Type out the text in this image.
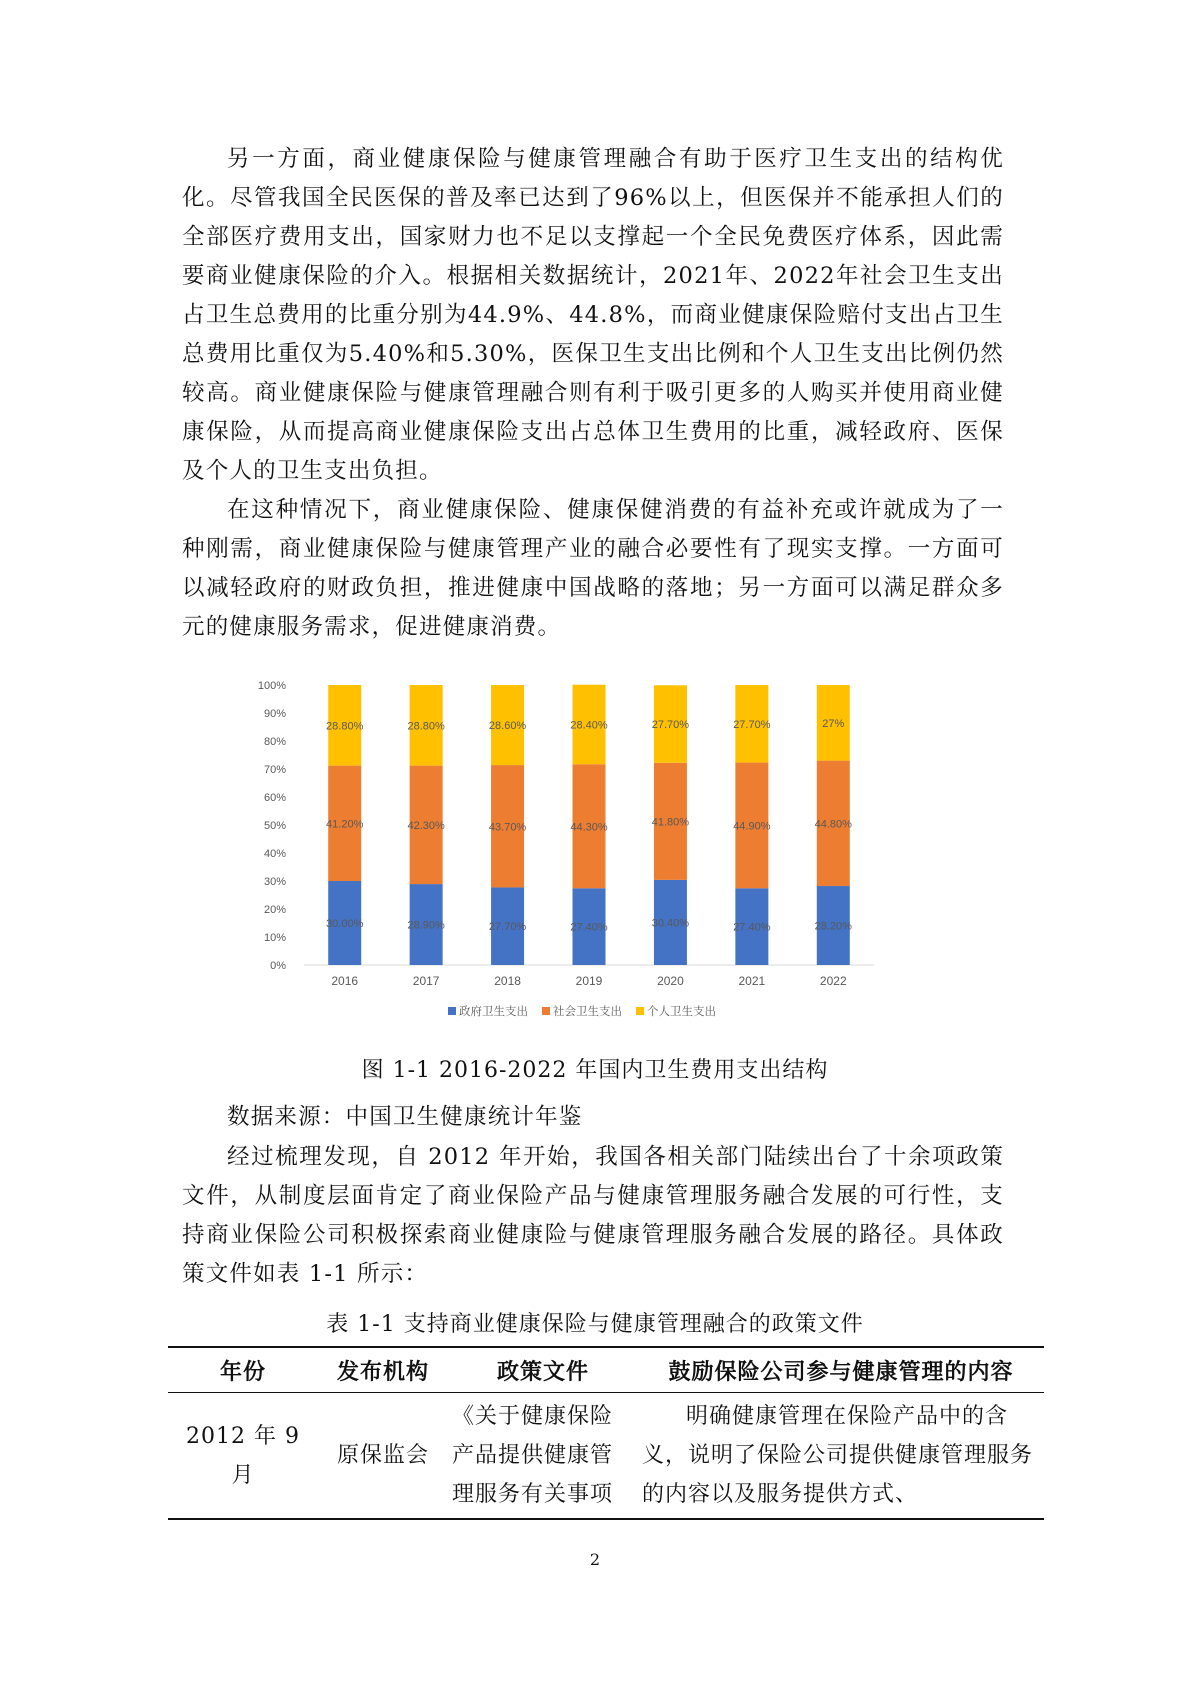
另一方面，商业健康保险与健康管理融合有助于医疗卫生支出的结构优化。尽管我国全民医保的普及率已达到了96%以上，但医保并不能承担人们的全部医疗费用支出，国家财力也不足以支撑起一个全民免费医疗体系，因此需要商业健康保险的介入。根据相关数据统计，2021年、2022年社会卫生支出占卫生总费用的比重分别为44.9%、44.8%，而商业健康保险赔付支出占卫生总费用比重仅为5.40%和5.30%，医保卫生支出比例和个人卫生支出比例仍然较高。商业健康保险与健康管理融合则有利于吸引更多的人购买并使用商业健康保险，从而提高商业健康保险支出占总体卫生费用的比重，减轻政府、医保及个人的卫生支出负担。

在这种情况下，商业健康保险、健康保健消费的有益补充或许就成为了一种刚需，商业健康保险与健康管理产业的融合必要性有了现实支撑。一方面可以减轻政府的财政负担，推进健康中国战略的落地；另一方面可以满足群众多元的健康服务需求，促进健康消费。

0%
10%
20%
30%
40%
50%
60%
70%
80%
90%
100%
30.00%
41.20%
28.80%
2016
28.90%
42.30%
28.80%
2017
27.70%
43.70%
28.60%
2018
27.40%
44.30%
28.40%
2019
30.40%
41.80%
27.70%
2020
27.40%
44.90%
27.70%
2021
28.20%
44.80%
27%
2022
政府卫生支出 社会卫生支出 个人卫生支出
图 1-1 2016-2022 年国内卫生费用支出结构
数据来源：中国卫生健康统计年鉴

经过梳理发现，自 2012 年开始，我国各相关部门陆续出台了十余项政策文件，从制度层面肯定了商业保险产品与健康管理服务融合发展的可行性，支持商业保险公司积极探索商业健康险与健康管理服务融合发展的路径。具体政策文件如表 1-1 所示：

表 1-1 支持商业健康保险与健康管理融合的政策文件
年份	发布机构	政策文件	鼓励保险公司参与健康管理的内容
2012 年 9 月	原保监会	《关于健康保险产品提供健康管理服务有关事项	明确健康管理在保险产品中的含义，说明了保险公司提供健康管理服务的内容以及服务提供方式、
2
